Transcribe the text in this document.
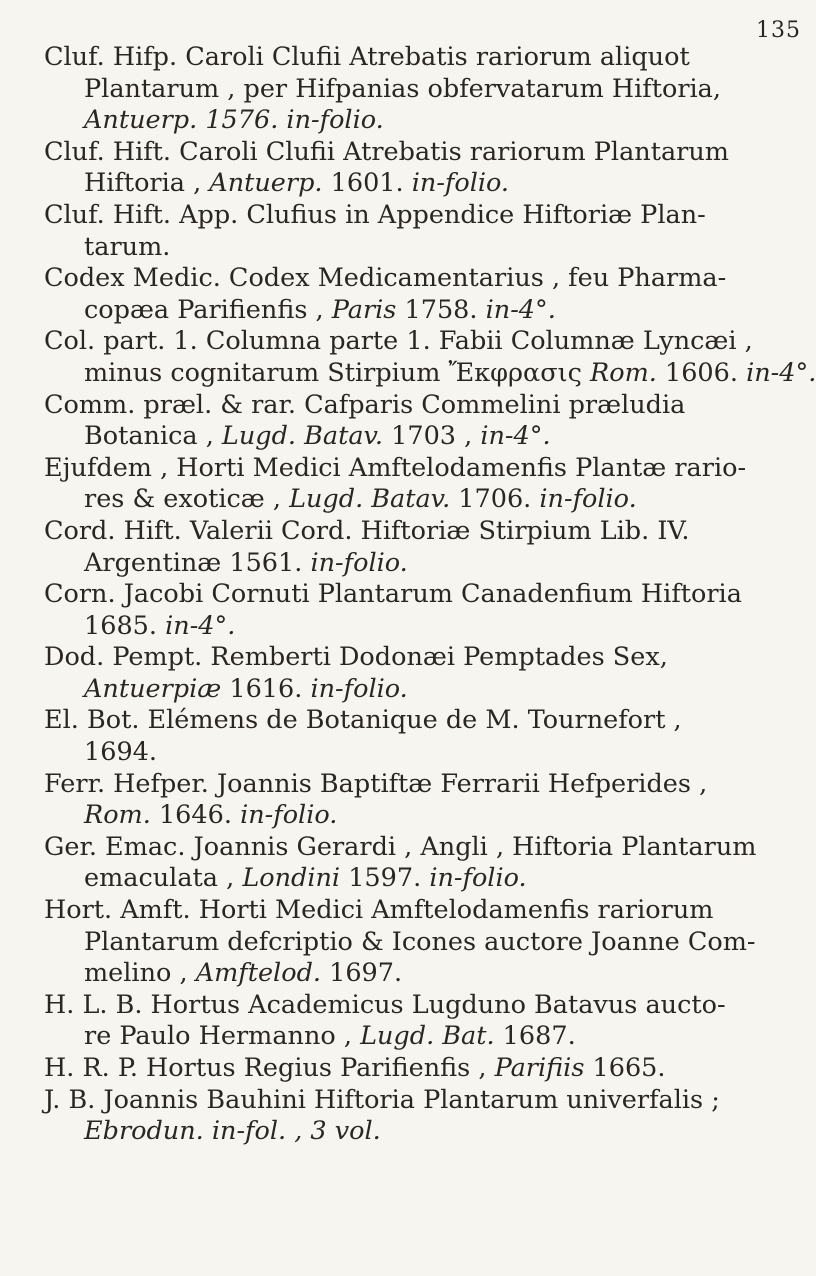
135
Cluf. Hifp. Caroli Clufii Atrebatis rariorum aliquot
Plantarum , per Hifpanias obfervatarum Hiftoria,
Antuerp. 1576. in-folio.
Cluf. Hift. Caroli Clufii Atrebatis rariorum Plantarum
Hiftoria , Antuerp. 1601. in-folio.
Cluf. Hift. App. Clufius in Appendice Hiftoriæ Plan-
tarum.
Codex Medic. Codex Medicamentarius , feu Pharma-
copæa Parifienfis , Paris 1758. in-4°.
Col. part. 1. Columna parte 1. Fabii Columnæ Lyncæi ,
minus cognitarum Stirpium Ἔκφρασις Rom. 1606. in-4°.
Comm. præl. & rar. Cafparis Commelini præludia
Botanica , Lugd. Batav. 1703 , in-4°.
Ejufdem , Horti Medici Amftelodamenfis Plantæ rario-
res & exoticæ , Lugd. Batav. 1706. in-folio.
Cord. Hift. Valerii Cord. Hiftoriæ Stirpium Lib. IV.
Argentinæ 1561. in-folio.
Corn. Jacobi Cornuti Plantarum Canadenfium Hiftoria
1685. in-4°.
Dod. Pempt. Remberti Dodonæi Pemptades Sex,
Antuerpiæ 1616. in-folio.
El. Bot. Elémens de Botanique de M. Tournefort ,
1694.
Ferr. Hefper. Joannis Baptiftæ Ferrarii Hefperides ,
Rom. 1646. in-folio.
Ger. Emac. Joannis Gerardi , Angli , Hiftoria Plantarum
emaculata , Londini 1597. in-folio.
Hort. Amft. Horti Medici Amftelodamenfis rariorum
Plantarum defcriptio & Icones auctore Joanne Com-
melino , Amftelod. 1697.
H. L. B. Hortus Academicus Lugduno Batavus aucto-
re Paulo Hermanno , Lugd. Bat. 1687.
H. R. P. Hortus Regius Parifienfis , Parifiis 1665.
J. B. Joannis Bauhini Hiftoria Plantarum univerfalis ;
Ebrodun. in-fol. , 3 vol.
